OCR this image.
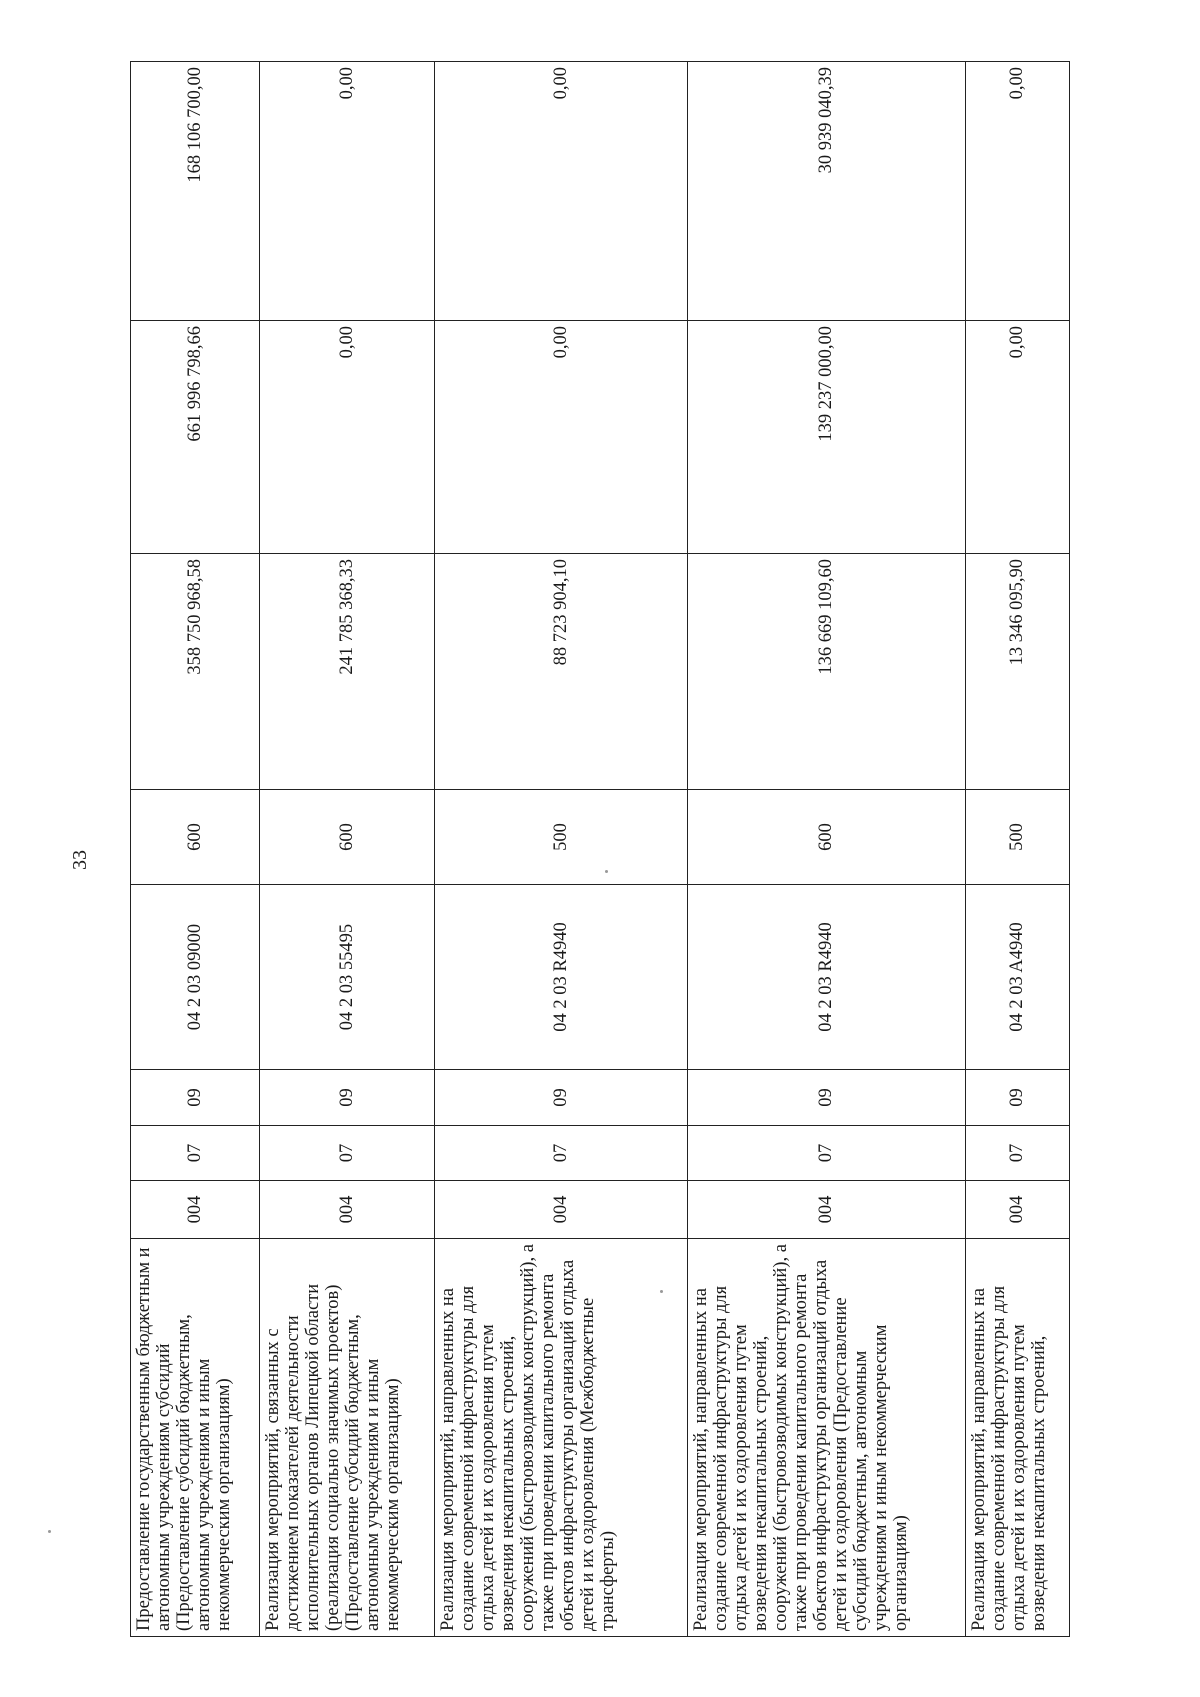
33
Предоставление государственным бюджетным и автономным учреждениям субсидий (Предоставление субсидий бюджетным, автономным учреждениям и иным некоммерческим организациям)	004	07	09	04 2 03 09000	600	358 750 968,58	661 996 798,66	168 106 700,00
Реализация мероприятий, связанных с достижением показателей деятельности исполнительных органов Липецкой области (реализация социально значимых проектов) (Предоставление субсидий бюджетным, автономным учреждениям и иным некоммерческим организациям)	004	07	09	04 2 03 55495	600	241 785 368,33	0,00	0,00
Реализация мероприятий, направленных на создание современной инфраструктуры для отдыха детей и их оздоровления путем возведения некапитальных строений, сооружений (быстровозводимых конструкций), а также при проведении капитального ремонта объектов инфраструктуры организаций отдыха детей и их оздоровления (Межбюджетные трансферты)	004	07	09	04 2 03 R4940	500	88 723 904,10	0,00	0,00
Реализация мероприятий, направленных на создание современной инфраструктуры для отдыха детей и их оздоровления путем возведения некапитальных строений, сооружений (быстровозводимых конструкций), а также при проведении капитального ремонта объектов инфраструктуры организаций отдыха детей и их оздоровления (Предоставление субсидий бюджетным, автономным учреждениям и иным некоммерческим организациям)	004	07	09	04 2 03 R4940	600	136 669 109,60	139 237 000,00	30 939 040,39
Реализация мероприятий, направленных на создание современной инфраструктуры для отдыха детей и их оздоровления путем возведения некапитальных строений,	004	07	09	04 2 03 A4940	500	13 346 095,90	0,00	0,00
